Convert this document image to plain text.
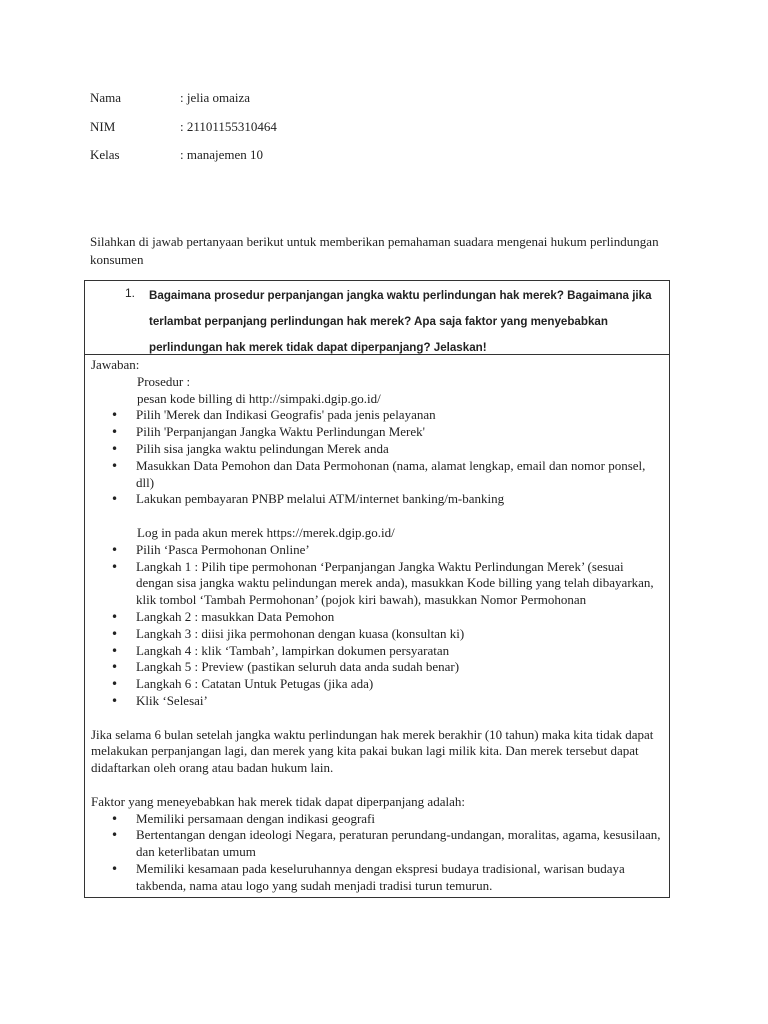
Nama	: jelia omaiza
NIM	: 21101155310464
Kelas	: manajemen 10
Silahkan di jawab pertanyaan berikut untuk memberikan pemahaman suadara mengenai hukum perlindungan konsumen
1. Bagaimana prosedur perpanjangan jangka waktu perlindungan hak merek? Bagaimana jika terlambat perpanjang perlindungan hak merek? Apa saja faktor yang menyebabkan perlindungan hak merek tidak dapat diperpanjang? Jelaskan!
Jawaban:
Prosedur :
pesan kode billing di http://simpaki.dgip.go.id/
• Pilih 'Merek dan Indikasi Geografis' pada jenis pelayanan
• Pilih 'Perpanjangan Jangka Waktu Perlindungan Merek'
• Pilih sisa jangka waktu pelindungan Merek anda
• Masukkan Data Pemohon dan Data Permohonan (nama, alamat lengkap, email dan nomor ponsel, dll)
• Lakukan pembayaran PNBP melalui ATM/internet banking/m-banking
Log in pada akun merek https://merek.dgip.go.id/
• Pilih ‘Pasca Permohonan Online’
• Langkah 1 : Pilih tipe permohonan ‘Perpanjangan Jangka Waktu Perlindungan Merek’ (sesuai dengan sisa jangka waktu pelindungan merek anda), masukkan Kode billing yang telah dibayarkan, klik tombol ‘Tambah Permohonan’ (pojok kiri bawah), masukkan Nomor Permohonan
• Langkah 2 : masukkan Data Pemohon
• Langkah 3 : diisi jika permohonan dengan kuasa (konsultan ki)
• Langkah 4 : klik ‘Tambah’, lampirkan dokumen persyaratan
• Langkah 5 : Preview (pastikan seluruh data anda sudah benar)
• Langkah 6 : Catatan Untuk Petugas (jika ada)
• Klik ‘Selesai’
Jika selama 6 bulan setelah jangka waktu perlindungan hak merek berakhir (10 tahun) maka kita tidak dapat melakukan perpanjangan lagi, dan merek yang kita pakai bukan lagi milik kita. Dan merek tersebut dapat didaftarkan oleh orang atau badan hukum lain.
Faktor yang meneyebabkan hak merek tidak dapat diperpanjang adalah:
• Memiliki persamaan dengan indikasi geografi
• Bertentangan dengan ideologi Negara, peraturan perundang-undangan, moralitas, agama, kesusilaan, dan keterlibatan umum
• Memiliki kesamaan pada keseluruhannya dengan ekspresi budaya tradisional, warisan budaya takbenda, nama atau logo yang sudah menjadi tradisi turun temurun.
